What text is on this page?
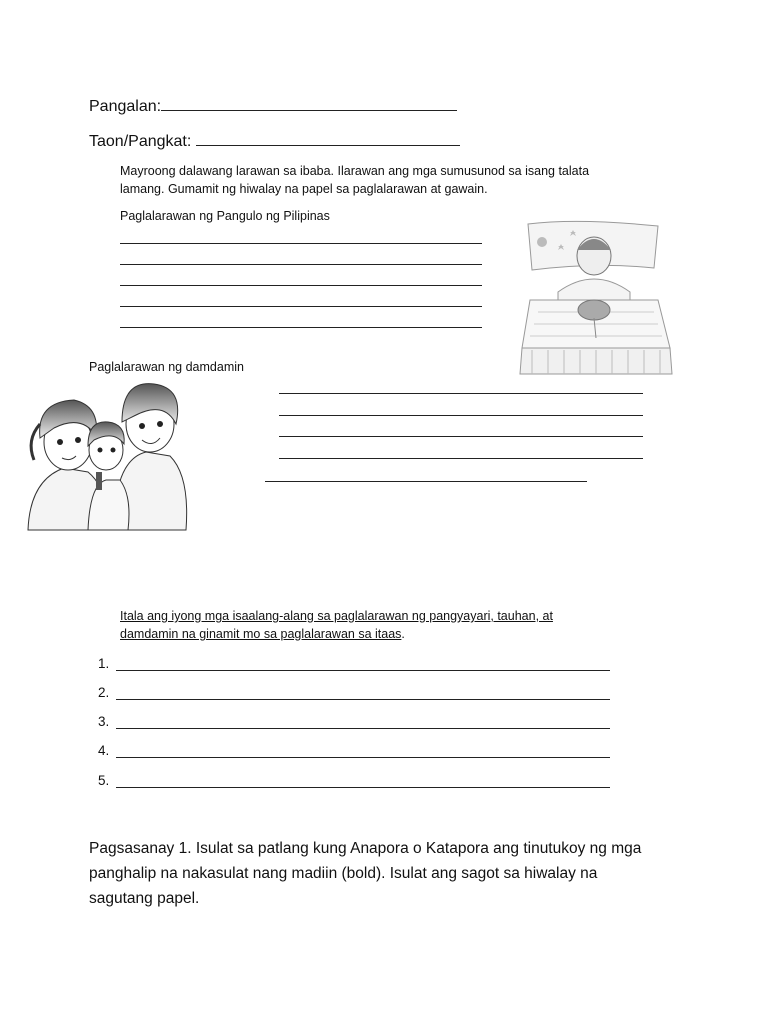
Pangalan:
Taon/Pangkat:
Mayroong dalawang larawan sa ibaba. Ilarawan ang mga sumusunod sa isang talata
lamang. Gumamit ng hiwalay na papel sa paglalarawan at gawain.
Paglalarawan ng Pangulo ng Pilipinas
Paglalarawan ng damdamin
Itala ang iyong mga isaalang-alang sa paglalarawan ng pangyayari, tauhan, at
damdamin na ginamit mo sa paglalarawan sa itaas.
1.
2.
3.
4.
5.
Pagsasanay 1. Isulat sa patlang kung Anapora o Katapora ang tinutukoy ng mga
panghalip na nakasulat nang madiin (bold). Isulat ang sagot sa hiwalay na
sagutang papel.
